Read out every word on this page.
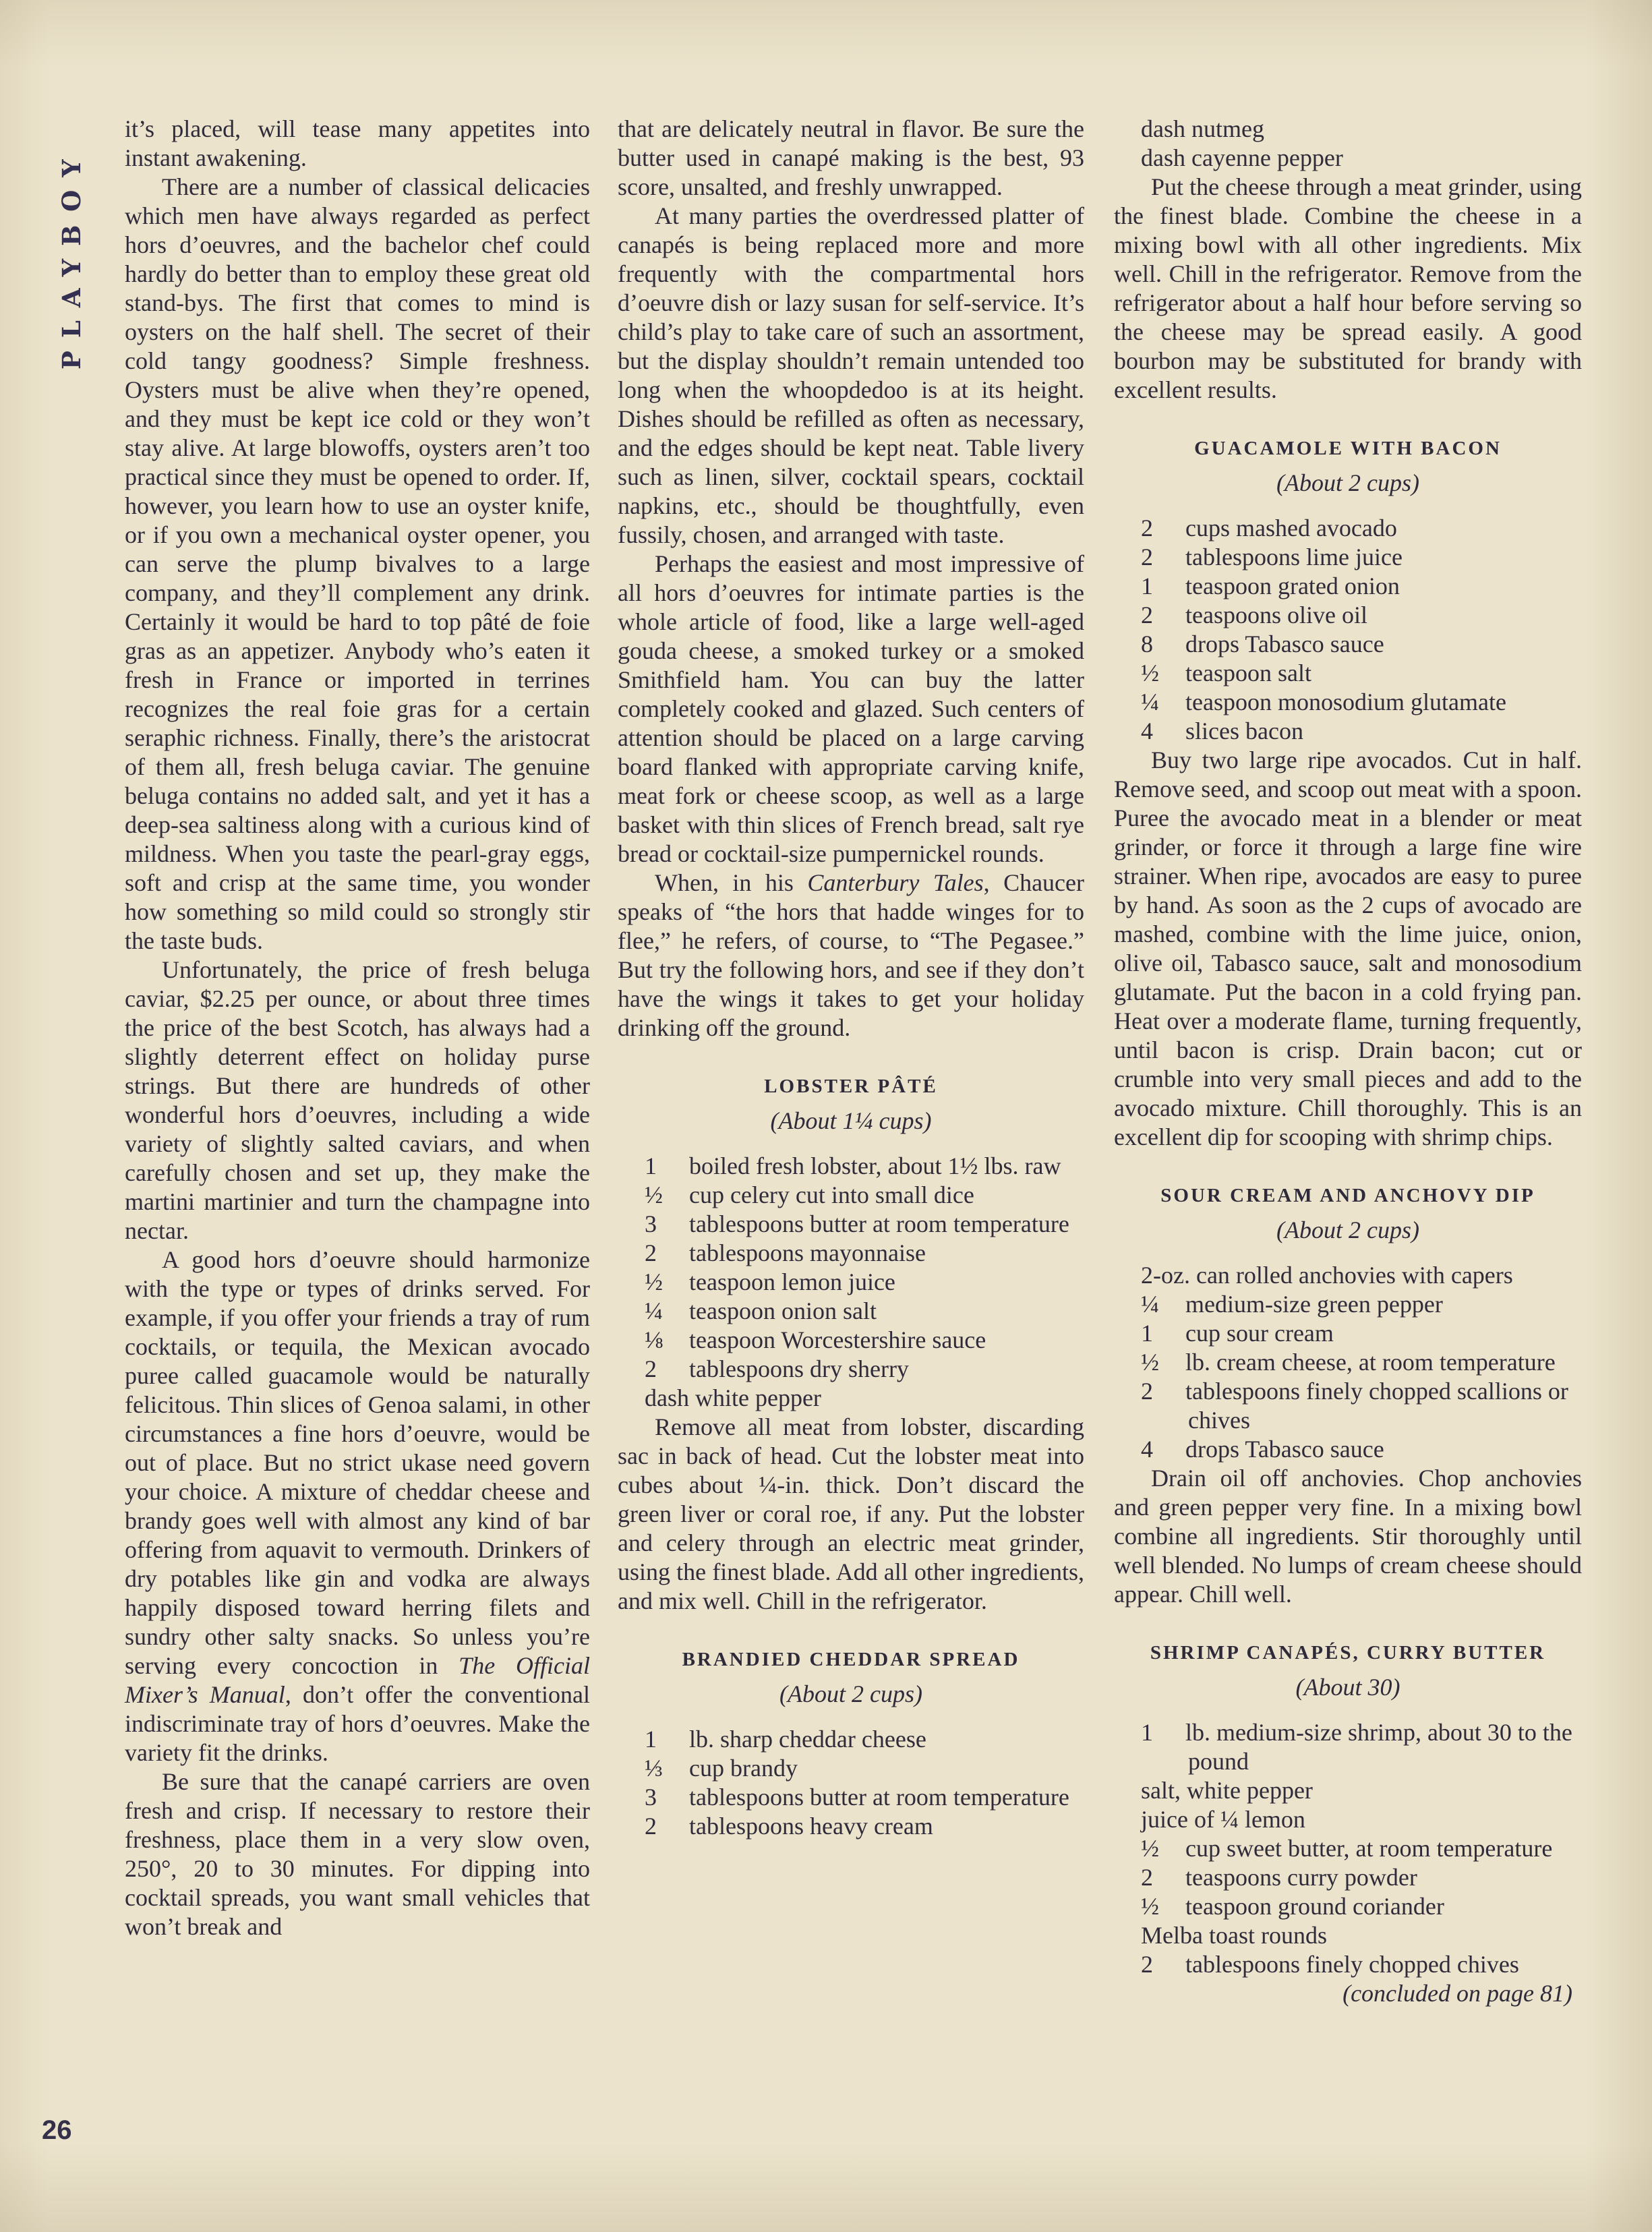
PLAYBOY
26

it’s placed, will tease many appetites into instant awakening.

There are a number of classical delicacies which men have always regarded as perfect hors d’oeuvres, and the bachelor chef could hardly do better than to employ these great old stand-bys. The first that comes to mind is oysters on the half shell. The secret of their cold tangy goodness? Simple freshness. Oysters must be alive when they’re opened, and they must be kept ice cold or they won’t stay alive. At large blowoffs, oysters aren’t too practical since they must be opened to order. If, however, you learn how to use an oyster knife, or if you own a mechanical oyster opener, you can serve the plump bivalves to a large company, and they’ll complement any drink. Certainly it would be hard to top pâté de foie gras as an appetizer. Anybody who’s eaten it fresh in France or imported in terrines recognizes the real foie gras for a certain seraphic richness. Finally, there’s the aristocrat of them all, fresh beluga caviar. The genuine beluga contains no added salt, and yet it has a deep-sea saltiness along with a curious kind of mildness. When you taste the pearl-gray eggs, soft and crisp at the same time, you wonder how something so mild could so strongly stir the taste buds.

Unfortunately, the price of fresh beluga caviar, $2.25 per ounce, or about three times the price of the best Scotch, has always had a slightly deterrent effect on holiday purse strings. But there are hundreds of other wonderful hors d’oeuvres, including a wide variety of slightly salted caviars, and when carefully chosen and set up, they make the martini martinier and turn the champagne into nectar.

A good hors d’oeuvre should harmonize with the type or types of drinks served. For example, if you offer your friends a tray of rum cocktails, or tequila, the Mexican avocado puree called guacamole would be naturally felicitous. Thin slices of Genoa salami, in other circumstances a fine hors d’oeuvre, would be out of place. But no strict ukase need govern your choice. A mixture of cheddar cheese and brandy goes well with almost any kind of bar offering from aquavit to vermouth. Drinkers of dry potables like gin and vodka are always happily disposed toward herring filets and sundry other salty snacks. So unless you’re serving every concoction in The Official Mixer’s Manual, don’t offer the conventional indiscriminate tray of hors d’oeuvres. Make the variety fit the drinks.

Be sure that the canapé carriers are oven fresh and crisp. If necessary to restore their freshness, place them in a very slow oven, 250°, 20 to 30 minutes. For dipping into cocktail spreads, you want small vehicles that won’t break and

that are delicately neutral in flavor. Be sure the butter used in canapé making is the best, 93 score, unsalted, and freshly unwrapped.

At many parties the overdressed platter of canapés is being replaced more and more frequently with the compartmental hors d’oeuvre dish or lazy susan for self-service. It’s child’s play to take care of such an assortment, but the display shouldn’t remain untended too long when the whoopdedoo is at its height. Dishes should be refilled as often as necessary, and the edges should be kept neat. Table livery such as linen, silver, cocktail spears, cocktail napkins, etc., should be thoughtfully, even fussily, chosen, and arranged with taste.

Perhaps the easiest and most impressive of all hors d’oeuvres for intimate parties is the whole article of food, like a large well-aged gouda cheese, a smoked turkey or a smoked Smithfield ham. You can buy the latter completely cooked and glazed. Such centers of attention should be placed on a large carving board flanked with appropriate carving knife, meat fork or cheese scoop, as well as a large basket with thin slices of French bread, salt rye bread or cocktail-size pumpernickel rounds.

When, in his Canterbury Tales, Chaucer speaks of “the hors that hadde winges for to flee,” he refers, of course, to “The Pegasee.” But try the following hors, and see if they don’t have the wings it takes to get your holiday drinking off the ground.

LOBSTER PÂTÉ
(About 1¼ cups)
1 boiled fresh lobster, about 1½ lbs. raw
½ cup celery cut into small dice
3 tablespoons butter at room temperature
2 tablespoons mayonnaise
½ teaspoon lemon juice
¼ teaspoon onion salt
⅛ teaspoon Worcestershire sauce
2 tablespoons dry sherry
dash white pepper

Remove all meat from lobster, discarding sac in back of head. Cut the lobster meat into cubes about ¼-in. thick. Don’t discard the green liver or coral roe, if any. Put the lobster and celery through an electric meat grinder, using the finest blade. Add all other ingredients, and mix well. Chill in the refrigerator.

BRANDIED CHEDDAR SPREAD
(About 2 cups)
1 lb. sharp cheddar cheese
⅓ cup brandy
3 tablespoons butter at room temperature
2 tablespoons heavy cream
dash nutmeg
dash cayenne pepper

Put the cheese through a meat grinder, using the finest blade. Combine the cheese in a mixing bowl with all other ingredients. Mix well. Chill in the refrigerator. Remove from the refrigerator about a half hour before serving so the cheese may be spread easily. A good bourbon may be substituted for brandy with excellent results.

GUACAMOLE WITH BACON
(About 2 cups)
2 cups mashed avocado
2 tablespoons lime juice
1 teaspoon grated onion
2 teaspoons olive oil
8 drops Tabasco sauce
½ teaspoon salt
¼ teaspoon monosodium glutamate
4 slices bacon

Buy two large ripe avocados. Cut in half. Remove seed, and scoop out meat with a spoon. Puree the avocado meat in a blender or meat grinder, or force it through a large fine wire strainer. When ripe, avocados are easy to puree by hand. As soon as the 2 cups of avocado are mashed, combine with the lime juice, onion, olive oil, Tabasco sauce, salt and monosodium glutamate. Put the bacon in a cold frying pan. Heat over a moderate flame, turning frequently, until bacon is crisp. Drain bacon; cut or crumble into very small pieces and add to the avocado mixture. Chill thoroughly. This is an excellent dip for scooping with shrimp chips.

SOUR CREAM AND ANCHOVY DIP
(About 2 cups)
2-oz. can rolled anchovies with capers
¼ medium-size green pepper
1 cup sour cream
½ lb. cream cheese, at room temperature
2 tablespoons finely chopped scallions or chives
4 drops Tabasco sauce

Drain oil off anchovies. Chop anchovies and green pepper very fine. In a mixing bowl combine all ingredients. Stir thoroughly until well blended. No lumps of cream cheese should appear. Chill well.

SHRIMP CANAPÉS, CURRY BUTTER
(About 30)
1 lb. medium-size shrimp, about 30 to the pound
salt, white pepper
juice of ¼ lemon
½ cup sweet butter, at room temperature
2 teaspoons curry powder
½ teaspoon ground coriander
Melba toast rounds
2 tablespoons finely chopped chives
(concluded on page 81)
